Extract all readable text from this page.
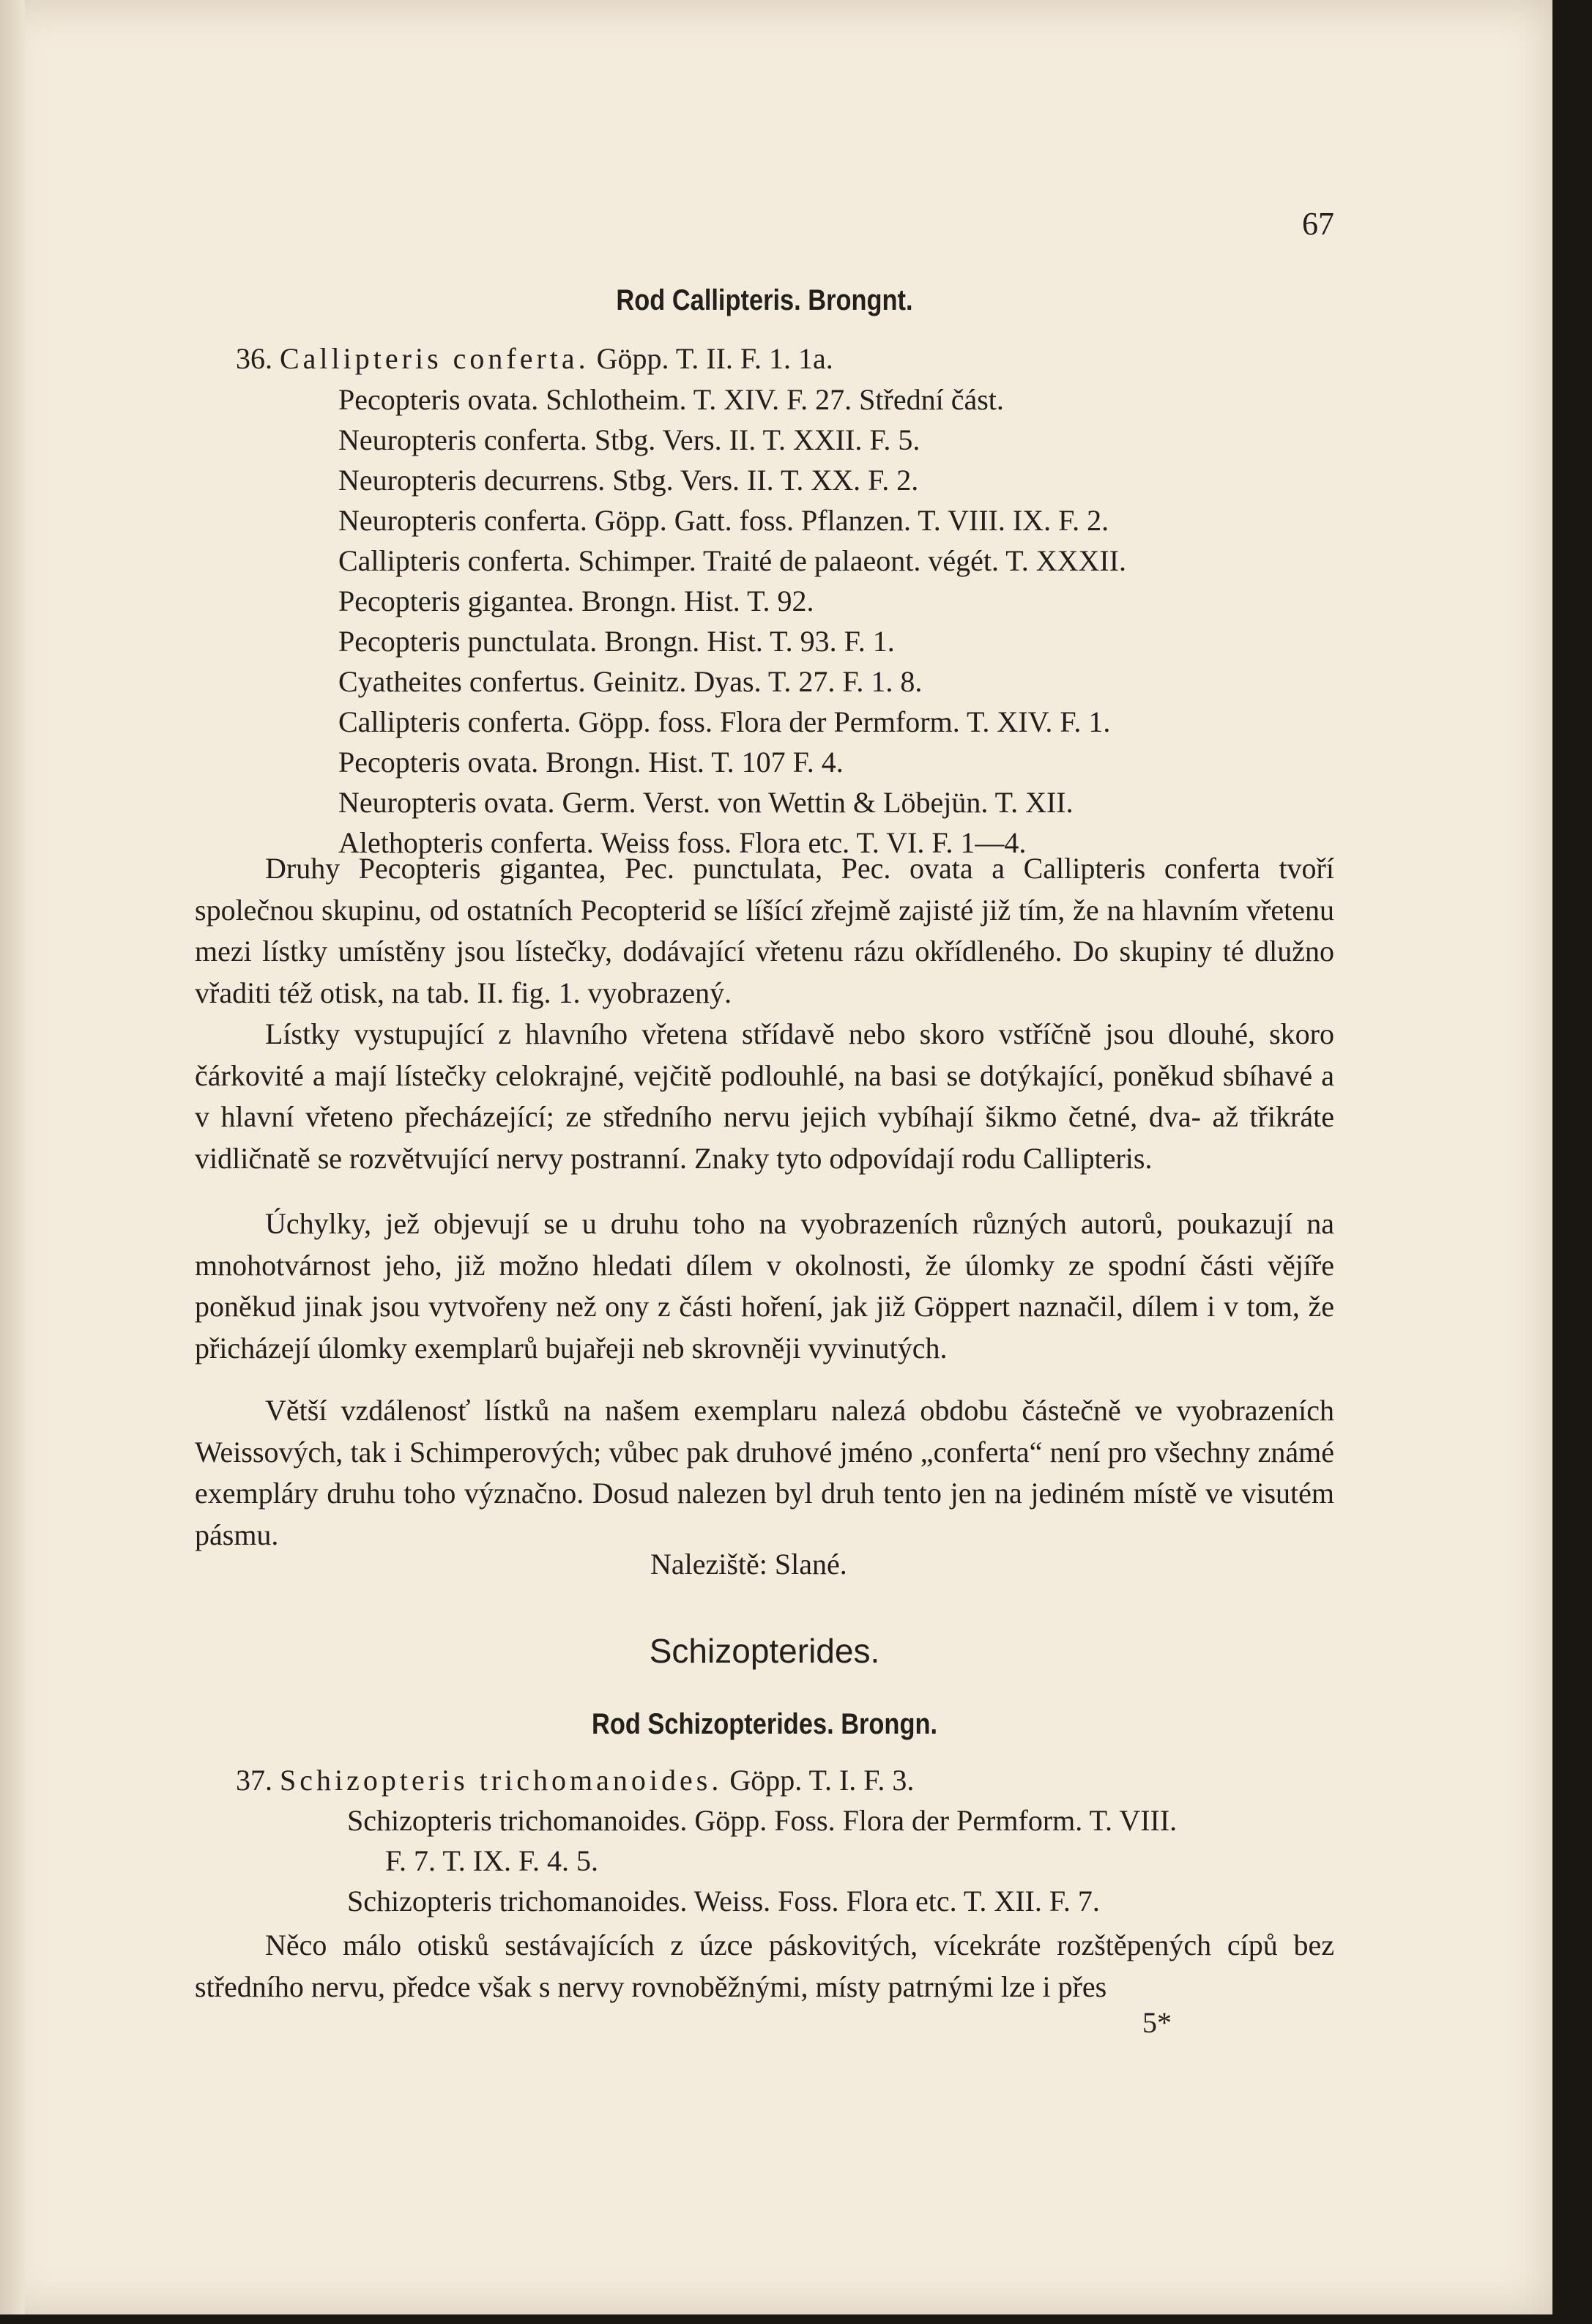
67
Rod Callipteris. Brongnt.
36. Callipteris conferta. Göpp. T. II. F. 1. 1a.
Pecopteris ovata. Schlotheim. T. XIV. F. 27. Střední část.
Neuropteris conferta. Stbg. Vers. II. T. XXII. F. 5.
Neuropteris decurrens. Stbg. Vers. II. T. XX. F. 2.
Neuropteris conferta. Göpp. Gatt. foss. Pflanzen. T. VIII. IX. F. 2.
Callipteris conferta. Schimper. Traité de palaeont. végét. T. XXXII.
Pecopteris gigantea. Brongn. Hist. T. 92.
Pecopteris punctulata. Brongn. Hist. T. 93. F. 1.
Cyatheites confertus. Geinitz. Dyas. T. 27. F. 1. 8.
Callipteris conferta. Göpp. foss. Flora der Permform. T. XIV. F. 1.
Pecopteris ovata. Brongn. Hist. T. 107 F. 4.
Neuropteris ovata. Germ. Verst. von Wettin & Löbejün. T. XII.
Alethopteris conferta. Weiss foss. Flora etc. T. VI. F. 1—4.

Druhy Pecopteris gigantea, Pec. punctulata, Pec. ovata a Callipteris conferta tvoří společnou skupinu, od ostatních Pecopterid se líšící zřejmě zajisté již tím, že na hlavním vřetenu mezi lístky umístěny jsou lístečky, dodávající vřetenu rázu okřídleného. Do skupiny té dlužno vřaditi též otisk, na tab. II. fig. 1. vyobrazený.

Lístky vystupující z hlavního vřetena střídavě nebo skoro vstříčně jsou dlouhé, skoro čárkovité a mají lístečky celokrajné, vejčitě podlouhlé, na basi se dotýkající, poněkud sbíhavé a v hlavní vřeteno přecházející; ze středního nervu jejich vybíhají šikmo četné, dva- až třikráte vidličnatě se rozvětvující nervy postranní. Znaky tyto odpovídají rodu Callipteris.

Úchylky, jež objevují se u druhu toho na vyobrazeních různých autorů, poukazují na mnohotvárnost jeho, již možno hledati dílem v okolnosti, že úlomky ze spodní části vějíře poněkud jinak jsou vytvořeny než ony z části hoření, jak již Göppert naznačil, dílem i v tom, že přicházejí úlomky exemplarů bujařeji neb skrovněji vyvinutých.

Větší vzdálenosť lístků na našem exemplaru nalezá obdobu částečně ve vyobrazeních Weissových, tak i Schimperových; vůbec pak druhové jméno „conferta“ není pro všechny známé exempláry druhu toho význačno. Dosud nalezen byl druh tento jen na jediném místě ve visutém pásmu.

Naleziště: Slané.
Schizopterides.
Rod Schizopterides. Brongn.
37. Schizopteris trichomanoides. Göpp. T. I. F. 3.
Schizopteris trichomanoides. Göpp. Foss. Flora der Permform. T. VIII.
F. 7. T. IX. F. 4. 5.
Schizopteris trichomanoides. Weiss. Foss. Flora etc. T. XII. F. 7.

Něco málo otisků sestávajících z úzce páskovitých, vícekráte rozštěpených cípů bez středního nervu, předce však s nervy rovnoběžnými, místy patrnými lze i přes

5*
